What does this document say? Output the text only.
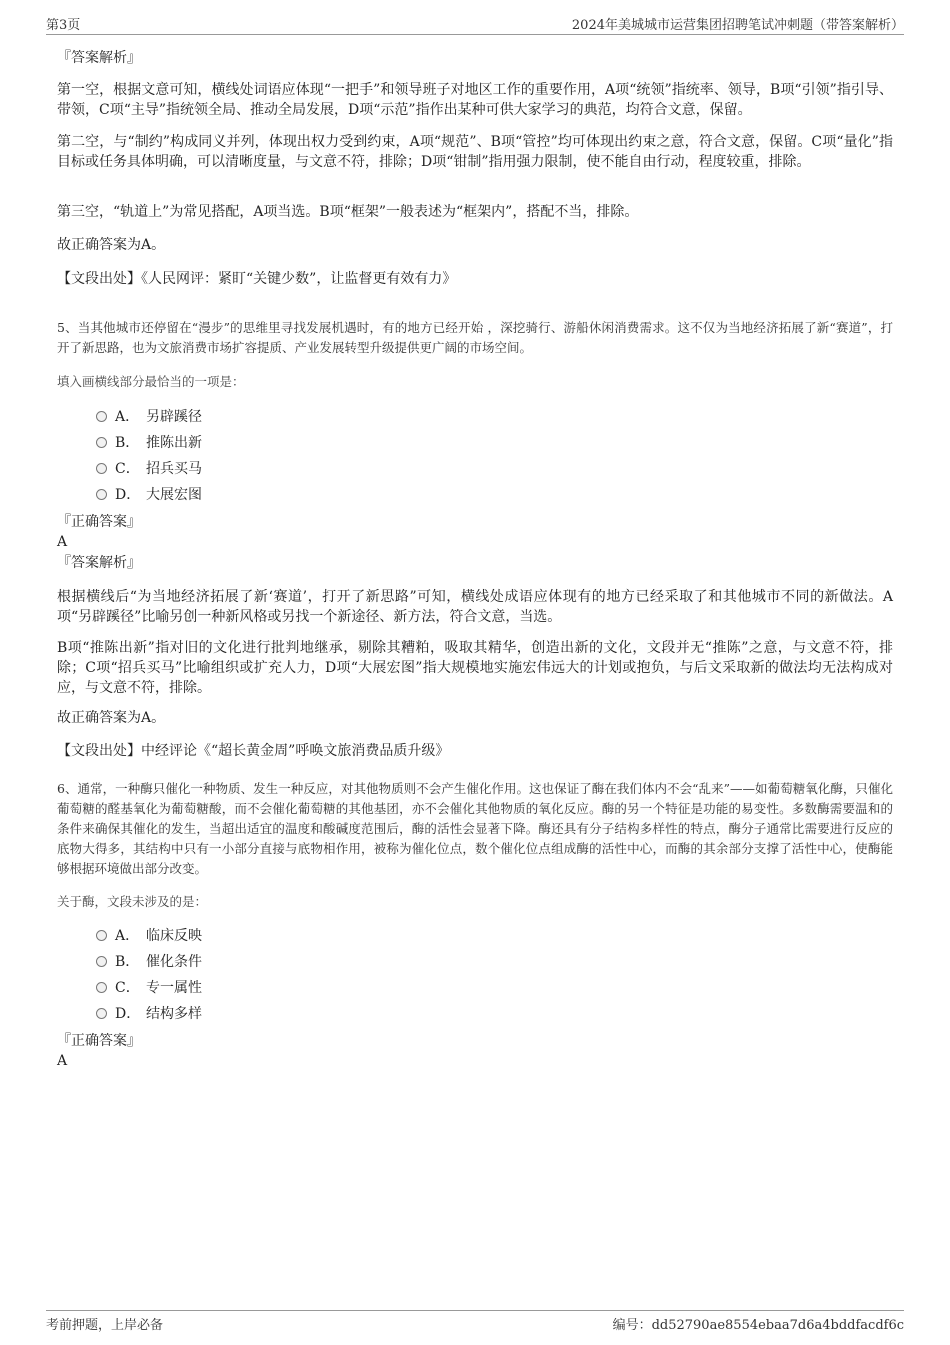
第3页	2024年美城城市运营集团招聘笔试冲刺题（带答案解析）

『答案解析』

第一空，根据文意可知，横线处词语应体现“一把手”和领导班子对地区工作的重要作用，A项“统领”指统率、领导，B项“引领”指引导、带领，C项“主导”指统领全局、推动全局发展，D项“示范”指作出某种可供大家学习的典范，均符合文意，保留。

第二空，与“制约”构成同义并列，体现出权力受到约束，A项“规范”、B项“管控”均可体现出约束之意，符合文意，保留。C项“量化”指目标或任务具体明确，可以清晰度量，与文意不符，排除；D项“钳制”指用强力限制，使不能自由行动，程度较重，排除。

第三空，“轨道上”为常见搭配，A项当选。B项“框架”一般表述为“框架内”，搭配不当，排除。

故正确答案为A。

【文段出处】《人民网评：紧盯“关键少数”，让监督更有效有力》

5、当其他城市还停留在“漫步”的思维里寻找发展机遇时，有的地方已经开始 ，深挖骑行、游船休闲消费需求。这不仅为当地经济拓展了新“赛道”，打开了新思路，也为文旅消费市场扩容提质、产业发展转型升级提供更广阔的市场空间。
填入画横线部分最恰当的一项是：
A． 另辟蹊径
B． 推陈出新
C． 招兵买马
D． 大展宏图

『正确答案』

A

『答案解析』

根据横线后“为当地经济拓展了新‘赛道’，打开了新思路”可知，横线处成语应体现有的地方已经采取了和其他城市不同的新做法。A项“另辟蹊径”比喻另创一种新风格或另找一个新途径、新方法，符合文意，当选。

B项“推陈出新”指对旧的文化进行批判地继承，剔除其糟粕，吸取其精华，创造出新的文化，文段并无“推陈”之意，与文意不符，排除；C项“招兵买马”比喻组织或扩充人力，D项“大展宏图”指大规模地实施宏伟远大的计划或抱负，与后文采取新的做法均无法构成对应，与文意不符，排除。

故正确答案为A。

【文段出处】中经评论《“超长黄金周”呼唤文旅消费品质升级》

6、通常，一种酶只催化一种物质、发生一种反应，对其他物质则不会产生催化作用。这也保证了酶在我们体内不会“乱来”——如葡萄糖氧化酶，只催化葡萄糖的醛基氧化为葡萄糖酸，而不会催化葡萄糖的其他基团，亦不会催化其他物质的氧化反应。酶的另一个特征是功能的易变性。多数酶需要温和的条件来确保其催化的发生，当超出适宜的温度和酸碱度范围后，酶的活性会显著下降。酶还具有分子结构多样性的特点，酶分子通常比需要进行反应的底物大得多，其结构中只有一小部分直接与底物相作用，被称为催化位点，数个催化位点组成酶的活性中心，而酶的其余部分支撑了活性中心，使酶能够根据环境做出部分改变。
关于酶，文段未涉及的是：
A． 临床反映
B． 催化条件
C． 专一属性
D． 结构多样

『正确答案』

A

考前押题，上岸必备	编号：dd52790ae8554ebaa7d6a4bddfacdf6c
